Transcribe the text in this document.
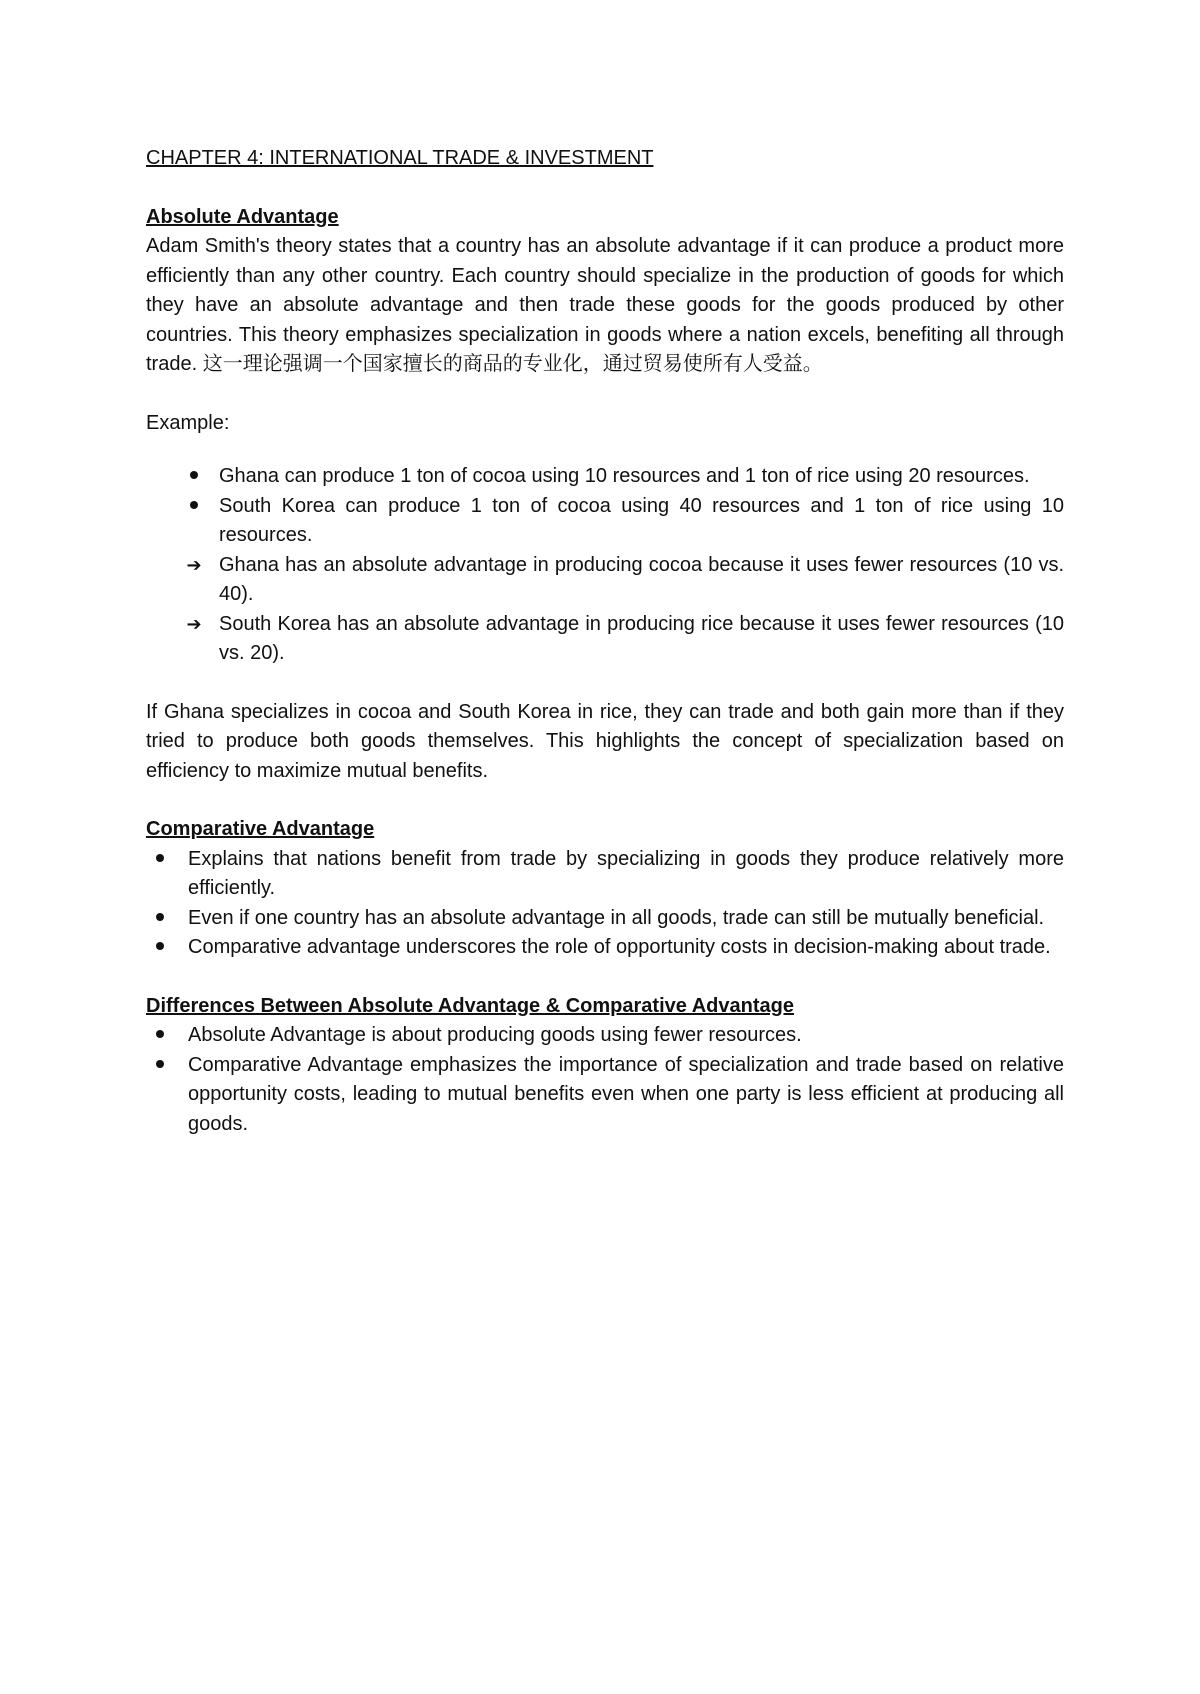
CHAPTER 4: INTERNATIONAL TRADE & INVESTMENT
Absolute Advantage

Adam Smith's theory states that a country has an absolute advantage if it can produce a product more efficiently than any other country. Each country should specialize in the production of goods for which they have an absolute advantage and then trade these goods for the goods produced by other countries. This theory emphasizes specialization in goods where a nation excels, benefiting all through trade. 这一理论强调一个国家擅长的商品的专业化，通过贸易使所有人受益。

Example:

Ghana can produce 1 ton of cocoa using 10 resources and 1 ton of rice using 20 resources.
South Korea can produce 1 ton of cocoa using 40 resources and 1 ton of rice using 10 resources.
➔ Ghana has an absolute advantage in producing cocoa because it uses fewer resources (10 vs. 40).
➔ South Korea has an absolute advantage in producing rice because it uses fewer resources (10 vs. 20).

If Ghana specializes in cocoa and South Korea in rice, they can trade and both gain more than if they tried to produce both goods themselves. This highlights the concept of specialization based on efficiency to maximize mutual benefits.

Comparative Advantage
Explains that nations benefit from trade by specializing in goods they produce relatively more efficiently.
Even if one country has an absolute advantage in all goods, trade can still be mutually beneficial.
Comparative advantage underscores the role of opportunity costs in decision-making about trade.
Differences Between Absolute Advantage & Comparative Advantage
Absolute Advantage is about producing goods using fewer resources.
Comparative Advantage emphasizes the importance of specialization and trade based on relative opportunity costs, leading to mutual benefits even when one party is less efficient at producing all goods.
